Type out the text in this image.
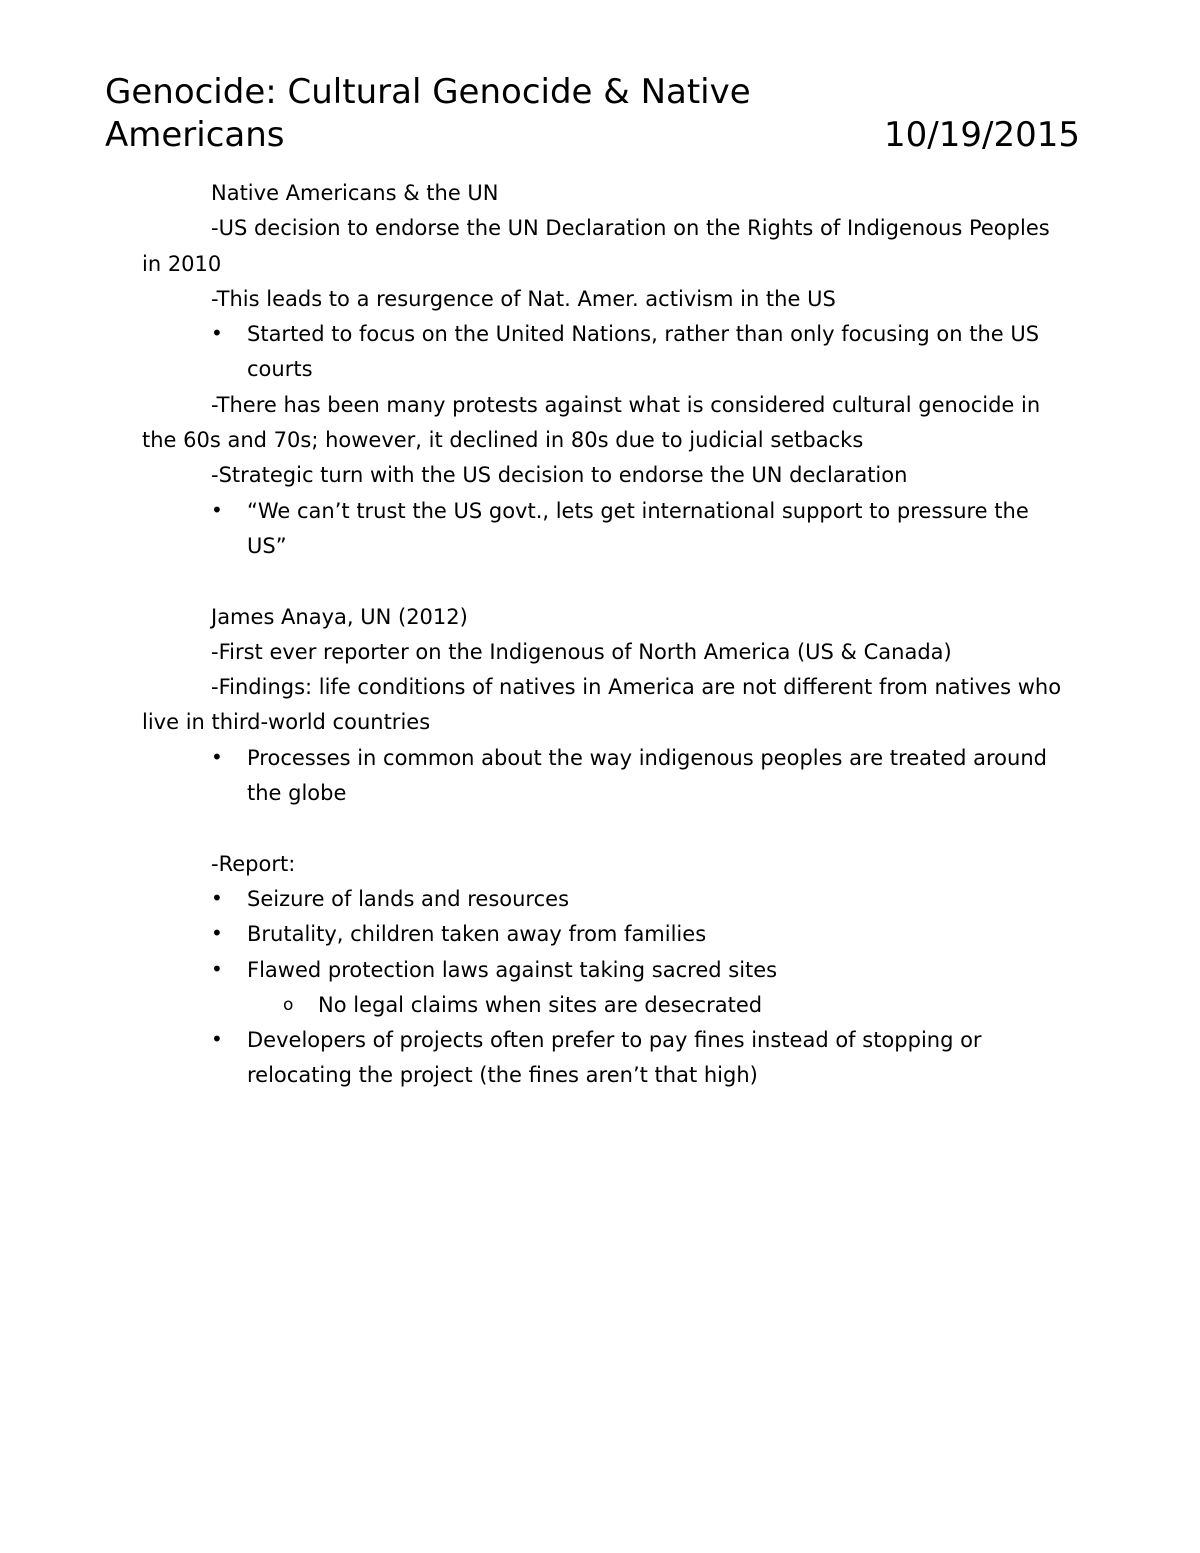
Genocide: Cultural Genocide & Native
Americans	10/19/2015
Native Americans & the UN
-US decision to endorse the UN Declaration on the Rights of Indigenous Peoples in 2010
-This leads to a resurgence of Nat. Amer. activism in the US
• Started to focus on the United Nations, rather than only focusing on the US courts
-There has been many protests against what is considered cultural genocide in the 60s and 70s; however, it declined in 80s due to judicial setbacks
-Strategic turn with the US decision to endorse the UN declaration
• “We can’t trust the US govt., lets get international support to pressure the US”
James Anaya, UN (2012)
-First ever reporter on the Indigenous of North America (US & Canada)
-Findings: life conditions of natives in America are not different from natives who live in third-world countries
• Processes in common about the way indigenous peoples are treated around the globe
-Report:
• Seizure of lands and resources
• Brutality, children taken away from families
• Flawed protection laws against taking sacred sites
o No legal claims when sites are desecrated
• Developers of projects often prefer to pay fines instead of stopping or relocating the project (the fines aren’t that high)
